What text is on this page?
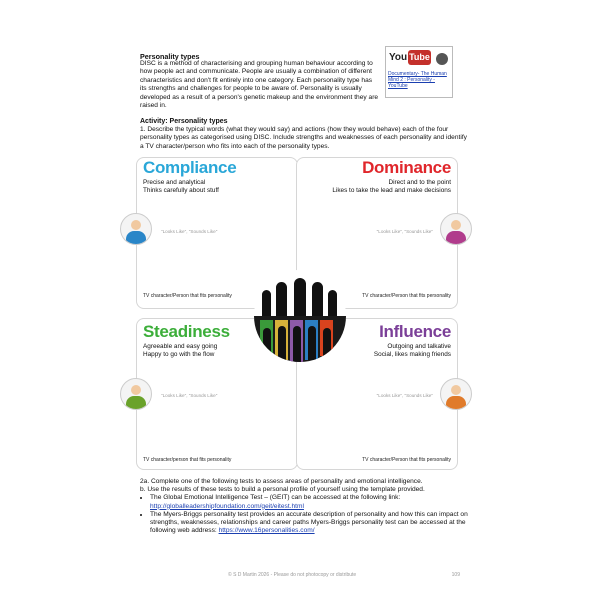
Personality types
DISC is a method of characterising and grouping human behaviour according to how people act and communicate. People are usually a combination of different characteristics and don't fit entirely into one category. Each personality type has its strengths and challenges for people to be aware of. Personality is usually developed as a result of a person's genetic makeup and the environment they are raised in.
You Tube
Documentary- The Human Mind 2 : Personality - YouTube
Activity: Personality types
1. Describe the typical words (what they would say) and actions (how they would behave) each of the four personality types as categorised using DISC. Include strengths and weaknesses of each personality and identify a TV character/person who fits into each of the personality types.
Compliance
Precise and analytical
Thinks carefully about stuff
"Looks Like", "Sounds Like"
TV character/Person that fits personality
Dominance
Direct and to the point
Likes to take the lead and make decisions
"Looks Like", "Sounds Like"
TV character/Person that fits personality
Steadiness
Agreeable and easy going
Happy to go with the flow
"Looks Like", "Sounds Like"
TV character/person that fits personality
Influence
Outgoing and talkative
Social, likes making friends
"Looks Like", "Sounds Like"
TV character/Person that fits personality
2a. Complete one of the following tests to assess areas of personality and emotional intelligence.
b. Use the results of these tests to build a personal profile of yourself using the template provided.
• The Global Emotional Intelligence Test – (GEIT) can be accessed at the following link:
http://globalleadershipfoundation.com/geit/eitest.html
• The Myers-Briggs personality test provides an accurate description of personality and how this can impact on strengths, weaknesses, relationships and career paths Myers-Briggs personality test can be accessed at the following web address: https://www.16personalities.com/
© S D Martin 2026 - Please do not photocopy or distribute	109
